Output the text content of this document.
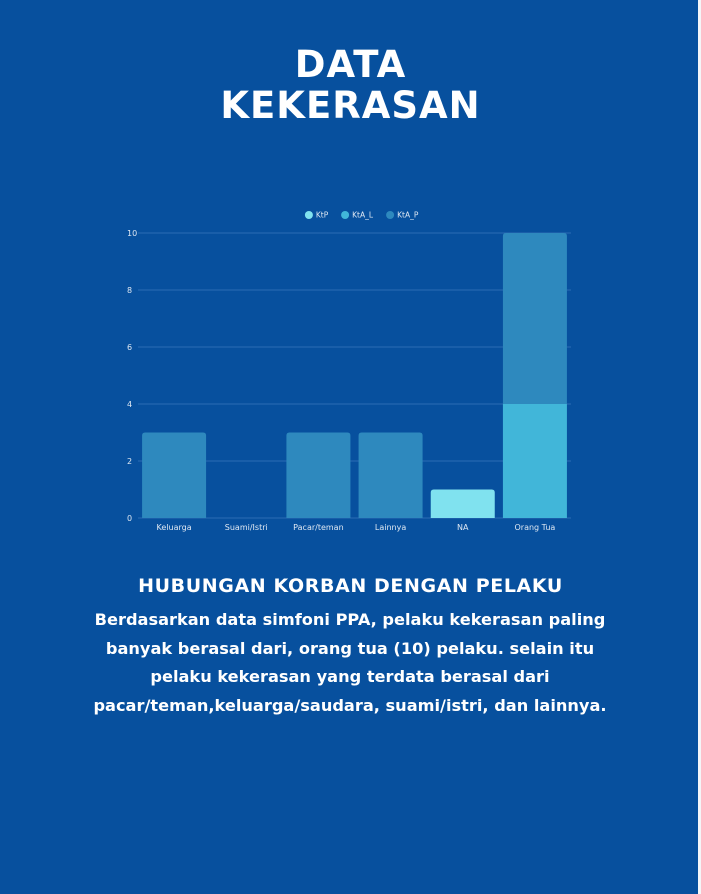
DATA
KEKERASAN
0
2
4
6
8
10
Keluarga	Suami/Istri	Pacar/teman	Lainnya	NA	Orang Tua
KtP	KtA_L	KtA_P
HUBUNGAN KORBAN DENGAN PELAKU

Berdasarkan data simfoni PPA, pelaku kekerasan paling banyak berasal dari, orang tua (10) pelaku. selain itu pelaku kekerasan yang terdata berasal dari pacar/teman,keluarga/saudara, suami/istri, dan lainnya.
